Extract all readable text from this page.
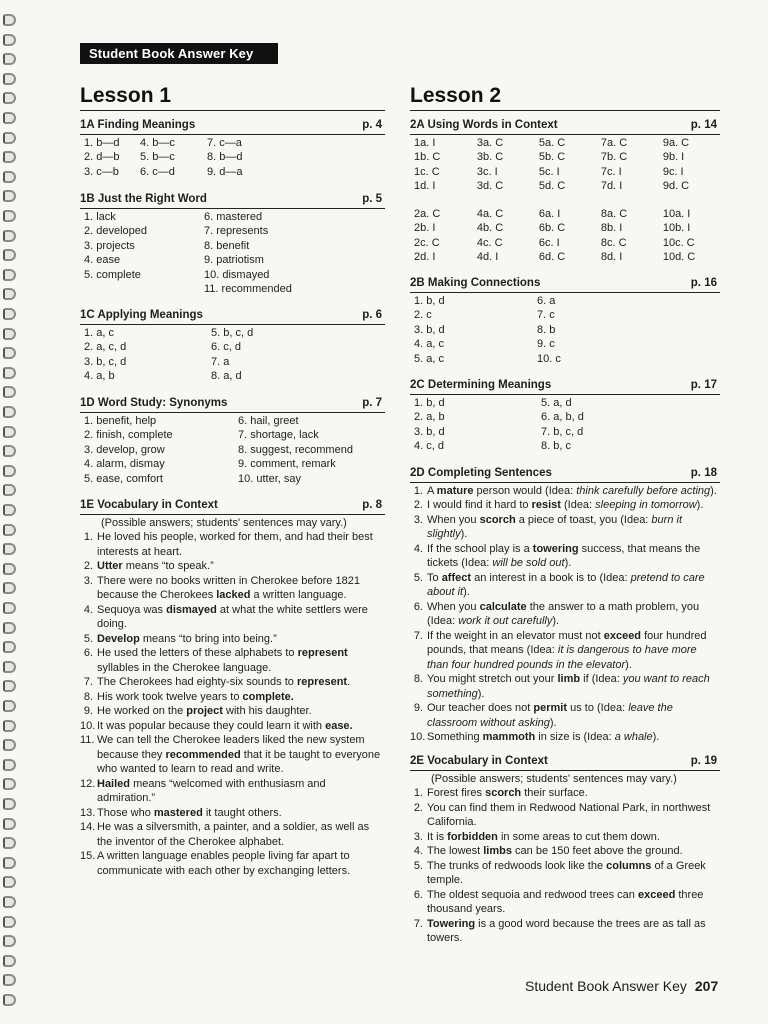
Student Book Answer Key
Lesson 1	Lesson 2
1A Finding Meanings	p. 4
1. b—d	4. b—c	7. c—a
2. d—b	5. b—c	8. b—d
3. c—b	6. c—d	9. d—a
1B Just the Right Word	p. 5
1. lack	6. mastered
2. developed	7. represents
3. projects	8. benefit
4. ease	9. patriotism
5. complete	10. dismayed
11. recommended
1C Applying Meanings	p. 6
1. a, c	5. b, c, d
2. a, c, d	6. c, d
3. b, c, d	7. a
4. a, b	8. a, d
1D Word Study: Synonyms	p. 7
1. benefit, help	6. hail, greet
2. finish, complete	7. shortage, lack
3. develop, grow	8. suggest, recommend
4. alarm, dismay	9. comment, remark
5. ease, comfort	10. utter, say
1E Vocabulary in Context	p. 8
(Possible answers; students' sentences may vary.)
1. He loved his people, worked for them, and had their best interests at heart.
2. Utter means “to speak.”
3. There were no books written in Cherokee before 1821 because the Cherokees lacked a written language.
4. Sequoya was dismayed at what the white settlers were doing.
5. Develop means “to bring into being.”
6. He used the letters of these alphabets to represent syllables in the Cherokee language.
7. The Cherokees had eighty-six sounds to represent.
8. His work took twelve years to complete.
9. He worked on the project with his daughter.
10. It was popular because they could learn it with ease.
11. We can tell the Cherokee leaders liked the new system because they recommended that it be taught to everyone who wanted to learn to read and write.
12. Hailed means “welcomed with enthusiasm and admiration.”
13. Those who mastered it taught others.
14. He was a silversmith, a painter, and a soldier, as well as the inventor of the Cherokee alphabet.
15. A written language enables people living far apart to communicate with each other by exchanging letters.
2A Using Words in Context	p. 14
1a. I	3a. C	5a. C	7a. C	9a. C
1b. C	3b. C	5b. C	7b. C	9b. I
1c. C	3c. I	5c. I	7c. I	9c. I
1d. I	3d. C	5d. C	7d. I	9d. C
2a. C	4a. C	6a. I	8a. C	10a. I
2b. I	4b. C	6b. C	8b. I	10b. I
2c. C	4c. C	6c. I	8c. C	10c. C
2d. I	4d. I	6d. C	8d. I	10d. C
2B Making Connections	p. 16
1. b, d	6. a
2. c	7. c
3. b, d	8. b
4. a, c	9. c
5. a, c	10. c
2C Determining Meanings	p. 17
1. b, d	5. a, d
2. a, b	6. a, b, d
3. b, d	7. b, c, d
4. c, d	8. b, c
2D Completing Sentences	p. 18
1. A mature person would (Idea: think carefully before acting).
2. I would find it hard to resist (Idea: sleeping in tomorrow).
3. When you scorch a piece of toast, you (Idea: burn it slightly).
4. If the school play is a towering success, that means the tickets (Idea: will be sold out).
5. To affect an interest in a book is to (Idea: pretend to care about it).
6. When you calculate the answer to a math problem, you (Idea: work it out carefully).
7. If the weight in an elevator must not exceed four hundred pounds, that means (Idea: it is dangerous to have more than four hundred pounds in the elevator).
8. You might stretch out your limb if (Idea: you want to reach something).
9. Our teacher does not permit us to (Idea: leave the classroom without asking).
10. Something mammoth in size is (Idea: a whale).
2E Vocabulary in Context	p. 19
(Possible answers; students' sentences may vary.)
1. Forest fires scorch their surface.
2. You can find them in Redwood National Park, in northwest California.
3. It is forbidden in some areas to cut them down.
4. The lowest limbs can be 150 feet above the ground.
5. The trunks of redwoods look like the columns of a Greek temple.
6. The oldest sequoia and redwood trees can exceed three thousand years.
7. Towering is a good word because the trees are as tall as towers.
Student Book Answer Key 207
